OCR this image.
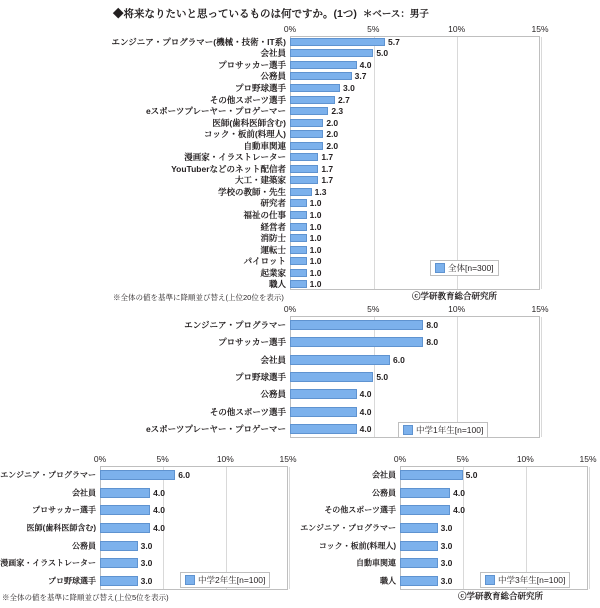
◆将来なりたいと思っているものは何ですか。(1つ) ＊ベース：男子
0%	5%	10%	15%
エンジニア・プログラマー(機械・技術・IT系)	5.7
会社員	5.0
プロサッカー選手	4.0
公務員	3.7
プロ野球選手	3.0
その他スポーツ選手	2.7
eスポーツプレーヤー・プロゲーマー	2.3
医師(歯科医師含む)	2.0
コック・板前(料理人)	2.0
自動車関連	2.0
漫画家・イラストレーター	1.7
YouTuberなどのネット配信者	1.7
大工・建築家	1.7
学校の教師・先生	1.3
研究者	1.0
福祉の仕事	1.0
経営者	1.0
消防士	1.0
運転士	1.0
パイロット	1.0
起業家	1.0
職人	1.0
全体[n=300]
0%	5%	10%	15%
エンジニア・プログラマー	8.0
プロサッカー選手	8.0
会社員	6.0
プロ野球選手	5.0
公務員	4.0
その他スポーツ選手	4.0
eスポーツプレーヤー・プロゲーマー	4.0	中学1年生[n=100]
0%	5%	10%	15%
エンジニア・プログラマー	6.0
会社員	4.0
プロサッカー選手	4.0
医師(歯科医師含む)	4.0
公務員	3.0
漫画家・イラストレーター	3.0
プロ野球選手	3.0	中学2年生[n=100]
0%	5%	10%	15%
会社員	5.0
公務員	4.0
その他スポーツ選手	4.0
エンジニア・プログラマー	3.0
コック・板前(料理人)	3.0
自動車関連	3.0
職人	3.0	中学3年生[n=100]
※全体の値を基準に降順並び替え(上位20位を表示)	ⓒ学研教育総合研究所
※全体の値を基準に降順並び替え(上位5位を表示)	ⓒ学研教育総合研究所
